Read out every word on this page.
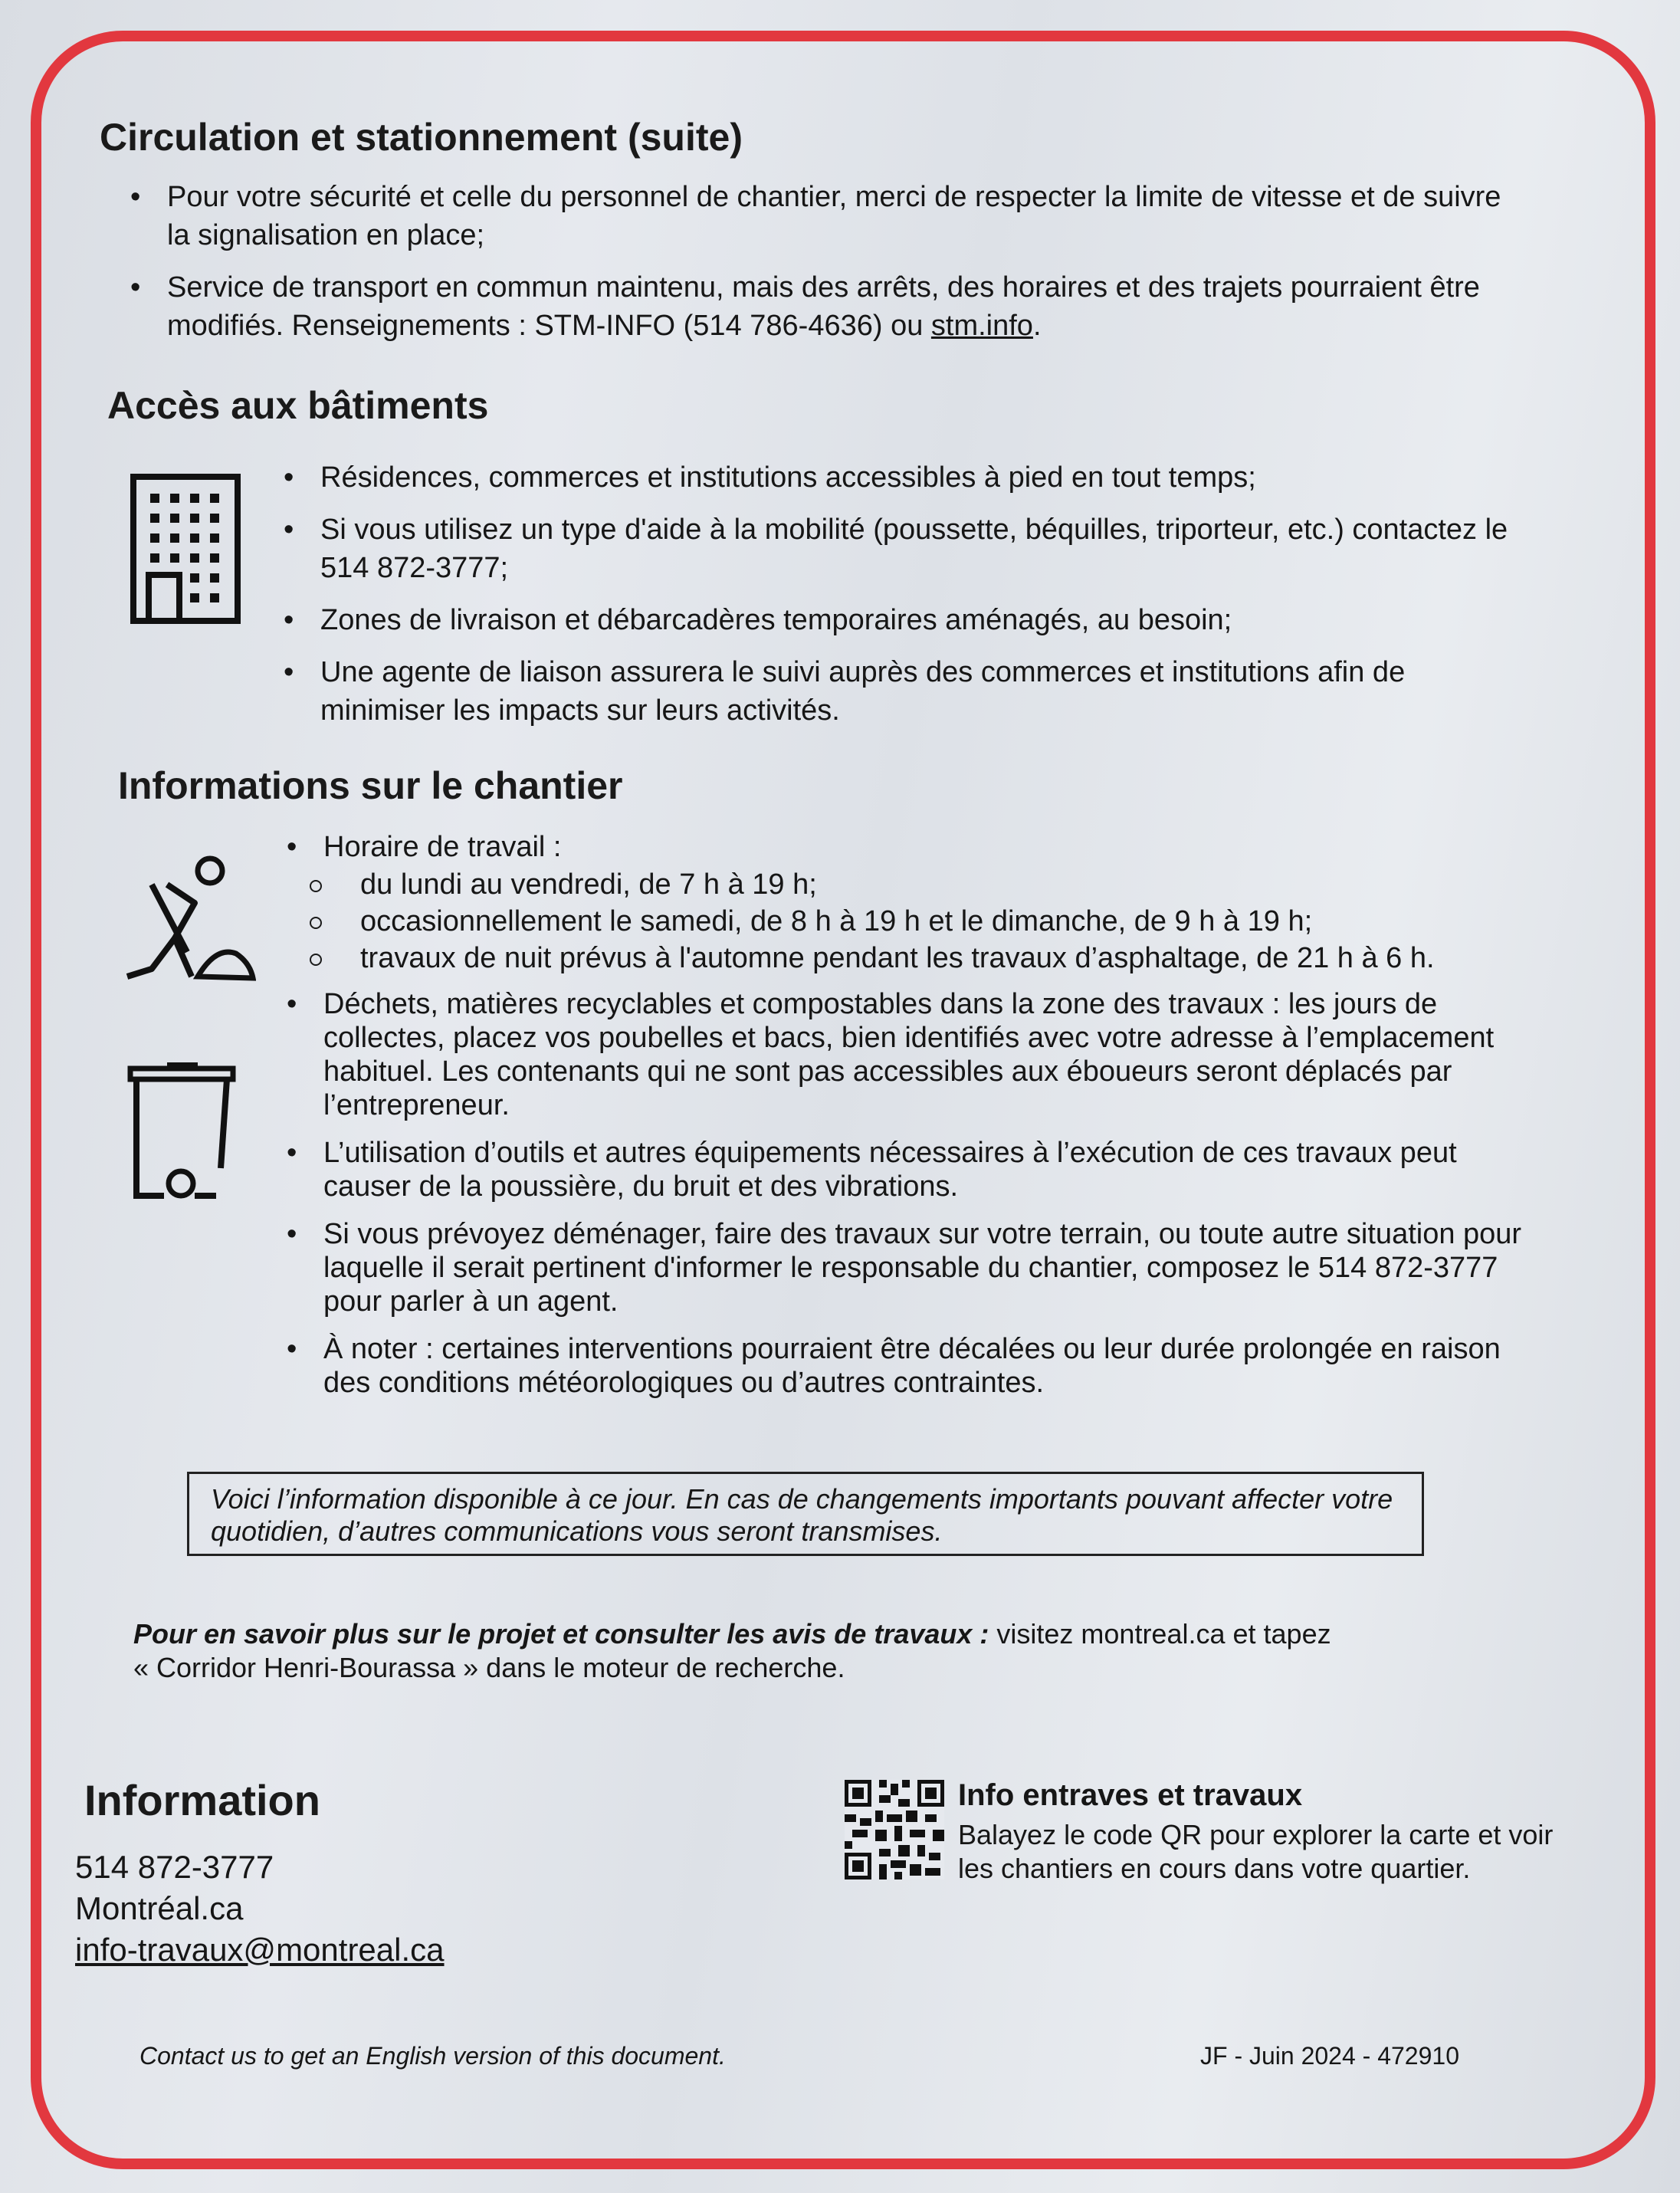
Circulation et stationnement (suite)
• Pour votre sécurité et celle du personnel de chantier, merci de respecter la limite de vitesse et de suivre la signalisation en place;
• Service de transport en commun maintenu, mais des arrêts, des horaires et des trajets pourraient être modifiés. Renseignements : STM-INFO (514 786-4636) ou stm.info.
Accès aux bâtiments
• Résidences, commerces et institutions accessibles à pied en tout temps;
• Si vous utilisez un type d'aide à la mobilité (poussette, béquilles, triporteur, etc.) contactez le 514 872-3777;
• Zones de livraison et débarcadères temporaires aménagés, au besoin;
• Une agente de liaison assurera le suivi auprès des commerces et institutions afin de minimiser les impacts sur leurs activités.
Informations sur le chantier
• Horaire de travail :
du lundi au vendredi, de 7 h à 19 h;
occasionnellement le samedi, de 8 h à 19 h et le dimanche, de 9 h à 19 h;
travaux de nuit prévus à l'automne pendant les travaux d’asphaltage, de 21 h à 6 h.
• Déchets, matières recyclables et compostables dans la zone des travaux : les jours de collectes, placez vos poubelles et bacs, bien identifiés avec votre adresse à l’emplacement habituel. Les contenants qui ne sont pas accessibles aux éboueurs seront déplacés par l’entrepreneur.
• L’utilisation d’outils et autres équipements nécessaires à l’exécution de ces travaux peut causer de la poussière, du bruit et des vibrations.
• Si vous prévoyez déménager, faire des travaux sur votre terrain, ou toute autre situation pour laquelle il serait pertinent d'informer le responsable du chantier, composez le 514 872-3777 pour parler à un agent.
• À noter : certaines interventions pourraient être décalées ou leur durée prolongée en raison des conditions météorologiques ou d’autres contraintes.
Voici l’information disponible à ce jour. En cas de changements importants pouvant affecter votre quotidien, d’autres communications vous seront transmises.
Pour en savoir plus sur le projet et consulter les avis de travaux : visitez montreal.ca et tapez
« Corridor Henri-Bourassa » dans le moteur de recherche.
Information
514 872-3777
Montréal.ca
info-travaux@montreal.ca
Info entraves et travaux
Balayez le code QR pour explorer la carte et voir les chantiers en cours dans votre quartier.
Contact us to get an English version of this document.	JF - Juin 2024 - 472910
